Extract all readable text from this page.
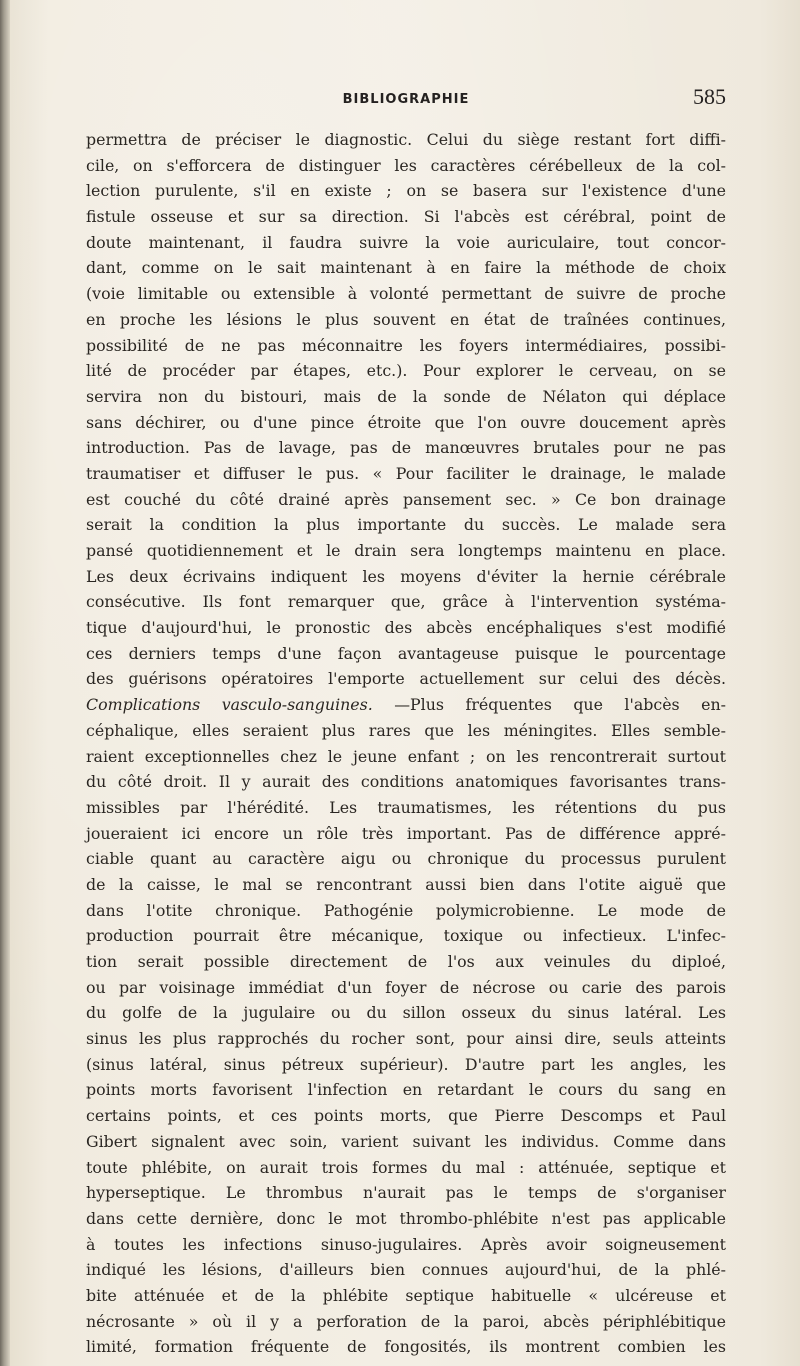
BIBLIOGRAPHIE	585
permettra de préciser le diagnostic. Celui du siège restant fort diffi-
cile, on s'efforcera de distinguer les caractères cérébelleux de la col-
lection purulente, s'il en existe ; on se basera sur l'existence d'une
fistule osseuse et sur sa direction. Si l'abcès est cérébral, point de
doute maintenant, il faudra suivre la voie auriculaire, tout concor-
dant, comme on le sait maintenant à en faire la méthode de choix
(voie limitable ou extensible à volonté permettant de suivre de proche
en proche les lésions le plus souvent en état de traînées continues,
possibilité de ne pas méconnaitre les foyers intermédiaires, possibi-
lité de procéder par étapes, etc.). Pour explorer le cerveau, on se
servira non du bistouri, mais de la sonde de Nélaton qui déplace
sans déchirer, ou d'une pince étroite que l'on ouvre doucement après
introduction. Pas de lavage, pas de manœuvres brutales pour ne pas
traumatiser et diffuser le pus. « Pour faciliter le drainage, le malade
est couché du côté drainé après pansement sec. » Ce bon drainage
serait la condition la plus importante du succès. Le malade sera
pansé quotidiennement et le drain sera longtemps maintenu en place.
Les deux écrivains indiquent les moyens d'éviter la hernie cérébrale
consécutive. Ils font remarquer que, grâce à l'intervention systéma-
tique d'aujourd'hui, le pronostic des abcès encéphaliques s'est modifié
ces derniers temps d'une façon avantageuse puisque le pourcentage
des guérisons opératoires l'emporte actuellement sur celui des décès.
Complications vasculo-sanguines. —Plus fréquentes que l'abcès en-
céphalique, elles seraient plus rares que les méningites. Elles semble-
raient exceptionnelles chez le jeune enfant ; on les rencontrerait surtout
du côté droit. Il y aurait des conditions anatomiques favorisantes trans-
missibles par l'hérédité. Les traumatismes, les rétentions du pus
joueraient ici encore un rôle très important. Pas de différence appré-
ciable quant au caractère aigu ou chronique du processus purulent
de la caisse, le mal se rencontrant aussi bien dans l'otite aiguë que
dans l'otite chronique. Pathogénie polymicrobienne. Le mode de
production pourrait être mécanique, toxique ou infectieux. L'infec-
tion serait possible directement de l'os aux veinules du diploé,
ou par voisinage immédiat d'un foyer de nécrose ou carie des parois
du golfe de la jugulaire ou du sillon osseux du sinus latéral. Les
sinus les plus rapprochés du rocher sont, pour ainsi dire, seuls atteints
(sinus latéral, sinus pétreux supérieur). D'autre part les angles, les
points morts favorisent l'infection en retardant le cours du sang en
certains points, et ces points morts, que Pierre Descomps et Paul
Gibert signalent avec soin, varient suivant les individus. Comme dans
toute phlébite, on aurait trois formes du mal : atténuée, septique et
hyperseptique. Le thrombus n'aurait pas le temps de s'organiser
dans cette dernière, donc le mot thrombo-phlébite n'est pas applicable
à toutes les infections sinuso-jugulaires. Après avoir soigneusement
indiqué les lésions, d'ailleurs bien connues aujourd'hui, de la phlé-
bite atténuée et de la phlébite septique habituelle « ulcéreuse et
nécrosante » où il y a perforation de la paroi, abcès périphlébitique
limité, formation fréquente de fongosités, ils montrent combien les
